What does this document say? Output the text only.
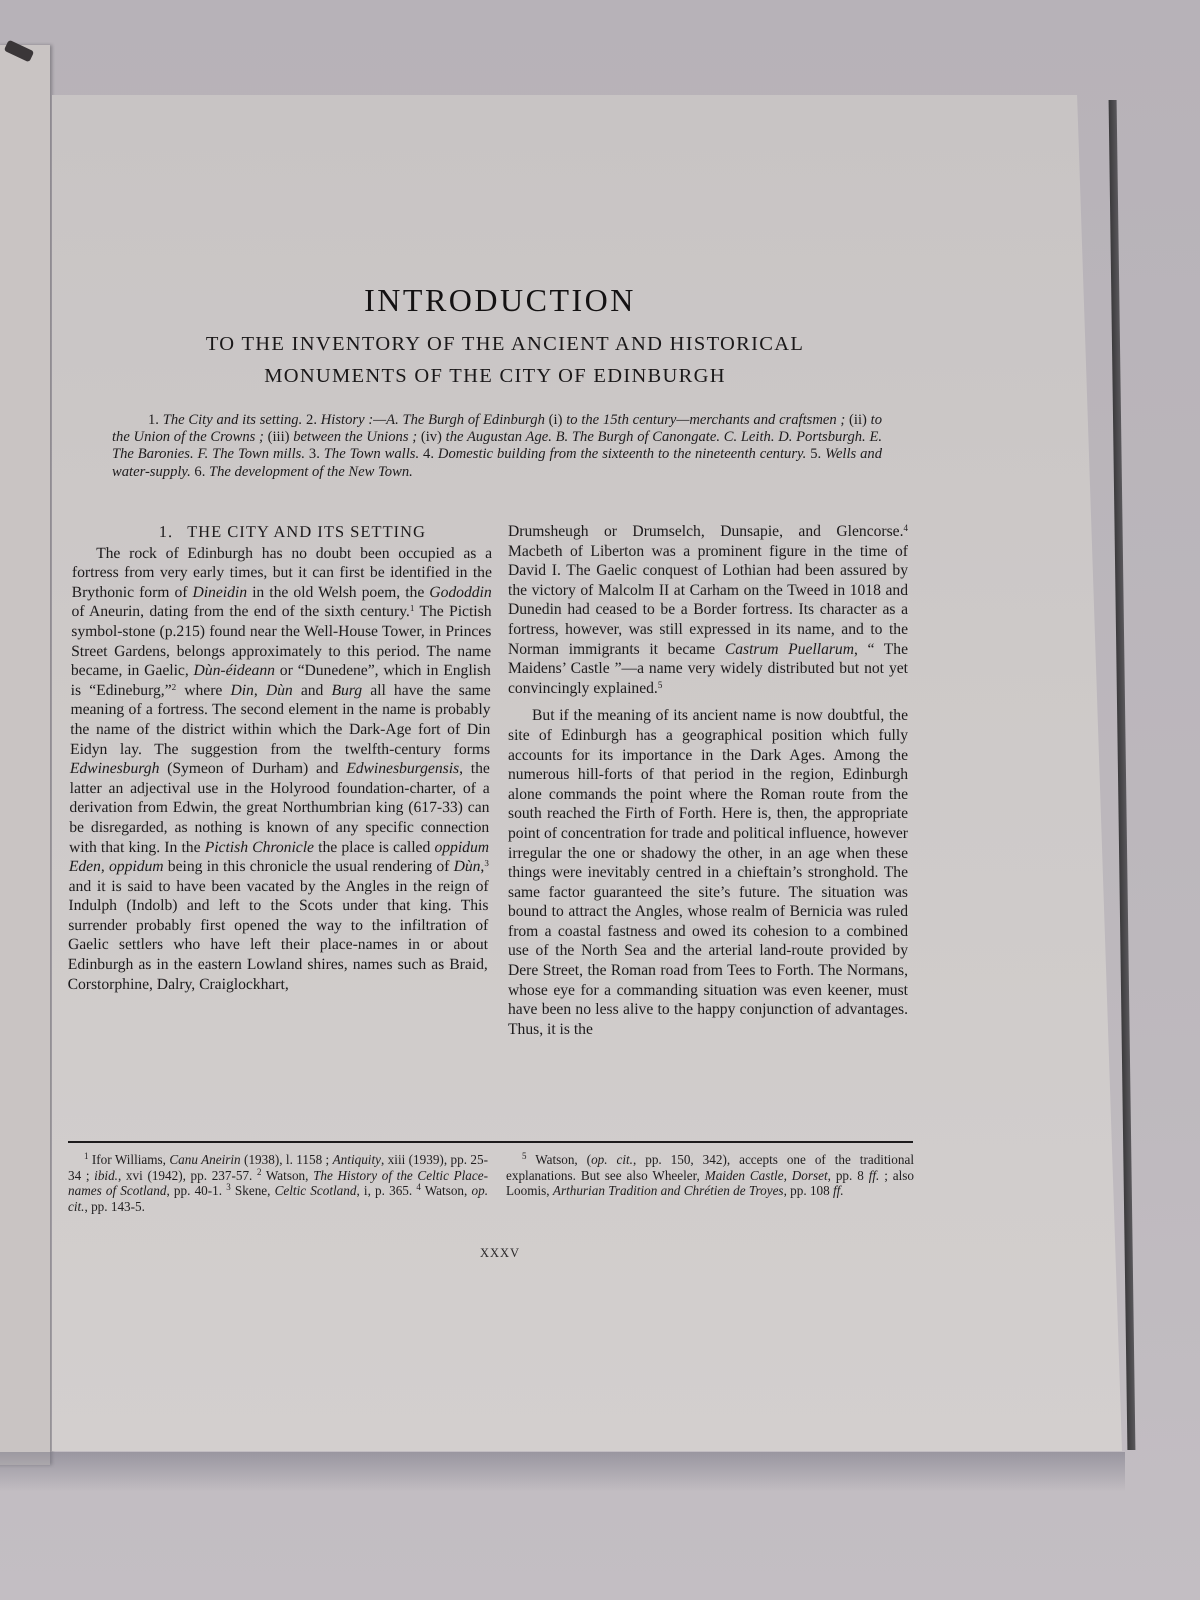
INTRODUCTION
TO THE INVENTORY OF THE ANCIENT AND HISTORICAL
MONUMENTS OF THE CITY OF EDINBURGH
1. The City and its setting. 2. History :—A. The Burgh of Edinburgh (i) to the 15th century—merchants and craftsmen ; (ii) to the Union of the Crowns ; (iii) between the Unions ; (iv) the Augustan Age. B. The Burgh of Canongate. C. Leith. D. Portsburgh. E. The Baronies. F. The Town mills. 3. The Town walls. 4. Domestic building from the sixteenth to the nineteenth century. 5. Wells and water-supply. 6. The development of the New Town.
1. THE CITY AND ITS SETTING

The rock of Edinburgh has no doubt been occupied as a fortress from very early times, but it can first be identified in the Brythonic form of Dineidin in the old Welsh poem, the Gododdin of Aneurin, dating from the end of the sixth century.$^1$ The Pictish symbol-stone (p.215) found near the Well-House Tower, in Princes Street Gardens, belongs approximately to this period. The name became, in Gaelic, Dùn-éideann or “Dunedene”, which in English is “Edineburg,”$^2$ where Din, Dùn and Burg all have the same meaning of a fortress. The second element in the name is probably the name of the district within which the Dark-Age fort of Din Eidyn lay. The suggestion from the twelfth-century forms Edwinesburgh (Symeon of Durham) and Edwinesburgensis, the latter an adjectival use in the Holyrood foundation-charter, of a derivation from Edwin, the great Northumbrian king (617-33) can be disregarded, as nothing is known of any specific connection with that king. In the Pictish Chronicle the place is called oppidum Eden, oppidum being in this chronicle the usual rendering of Dùn,$^3$ and it is said to have been vacated by the Angles in the reign of Indulph (Indolb) and left to the Scots under that king. This surrender probably first opened the way to the infiltration of Gaelic settlers who have left their place-names in or about Edinburgh as in the eastern Lowland shires, names such as Braid, Corstorphine, Dalry, Craiglockhart,

Drumsheugh or Drumselch, Dunsapie, and Glencorse.$^4$ Macbeth of Liberton was a prominent figure in the time of David I. The Gaelic conquest of Lothian had been assured by the victory of Malcolm II at Carham on the Tweed in 1018 and Dunedin had ceased to be a Border fortress. Its character as a fortress, however, was still expressed in its name, and to the Norman immigrants it became Castrum Puellarum, “ The Maidens’ Castle ”—a name very widely distributed but not yet convincingly explained.$^5$

But if the meaning of its ancient name is now doubtful, the site of Edinburgh has a geographical position which fully accounts for its importance in the Dark Ages. Among the numerous hill-forts of that period in the region, Edinburgh alone commands the point where the Roman route from the south reached the Firth of Forth. Here is, then, the appropriate point of concentration for trade and political influence, however irregular the one or shadowy the other, in an age when these things were inevitably centred in a chieftain’s stronghold. The same factor guaranteed the site’s future. The situation was bound to attract the Angles, whose realm of Bernicia was ruled from a coastal fastness and owed its cohesion to a combined use of the North Sea and the arterial land-route provided by Dere Street, the Roman road from Tees to Forth. The Normans, whose eye for a commanding situation was even keener, must have been no less alive to the happy conjunction of advantages. Thus, it is the

$^1$ Ifor Williams, Canu Aneirin (1938), l. 1158 ; Antiquity, xiii (1939), pp. 25-34 ; ibid., xvi (1942), pp. 237-57. $^2$ Watson, The History of the Celtic Place-names of Scotland, pp. 40-1. $^3$ Skene, Celtic Scotland, i, p. 365. $^4$ Watson, op. cit., pp. 143-5.

$^5$ Watson, (op. cit., pp. 150, 342), accepts one of the traditional explanations. But see also Wheeler, Maiden Castle, Dorset, pp. 8 ff. ; also Loomis, Arthurian Tradition and Chrétien de Troyes, pp. 108 ff.

XXXV
